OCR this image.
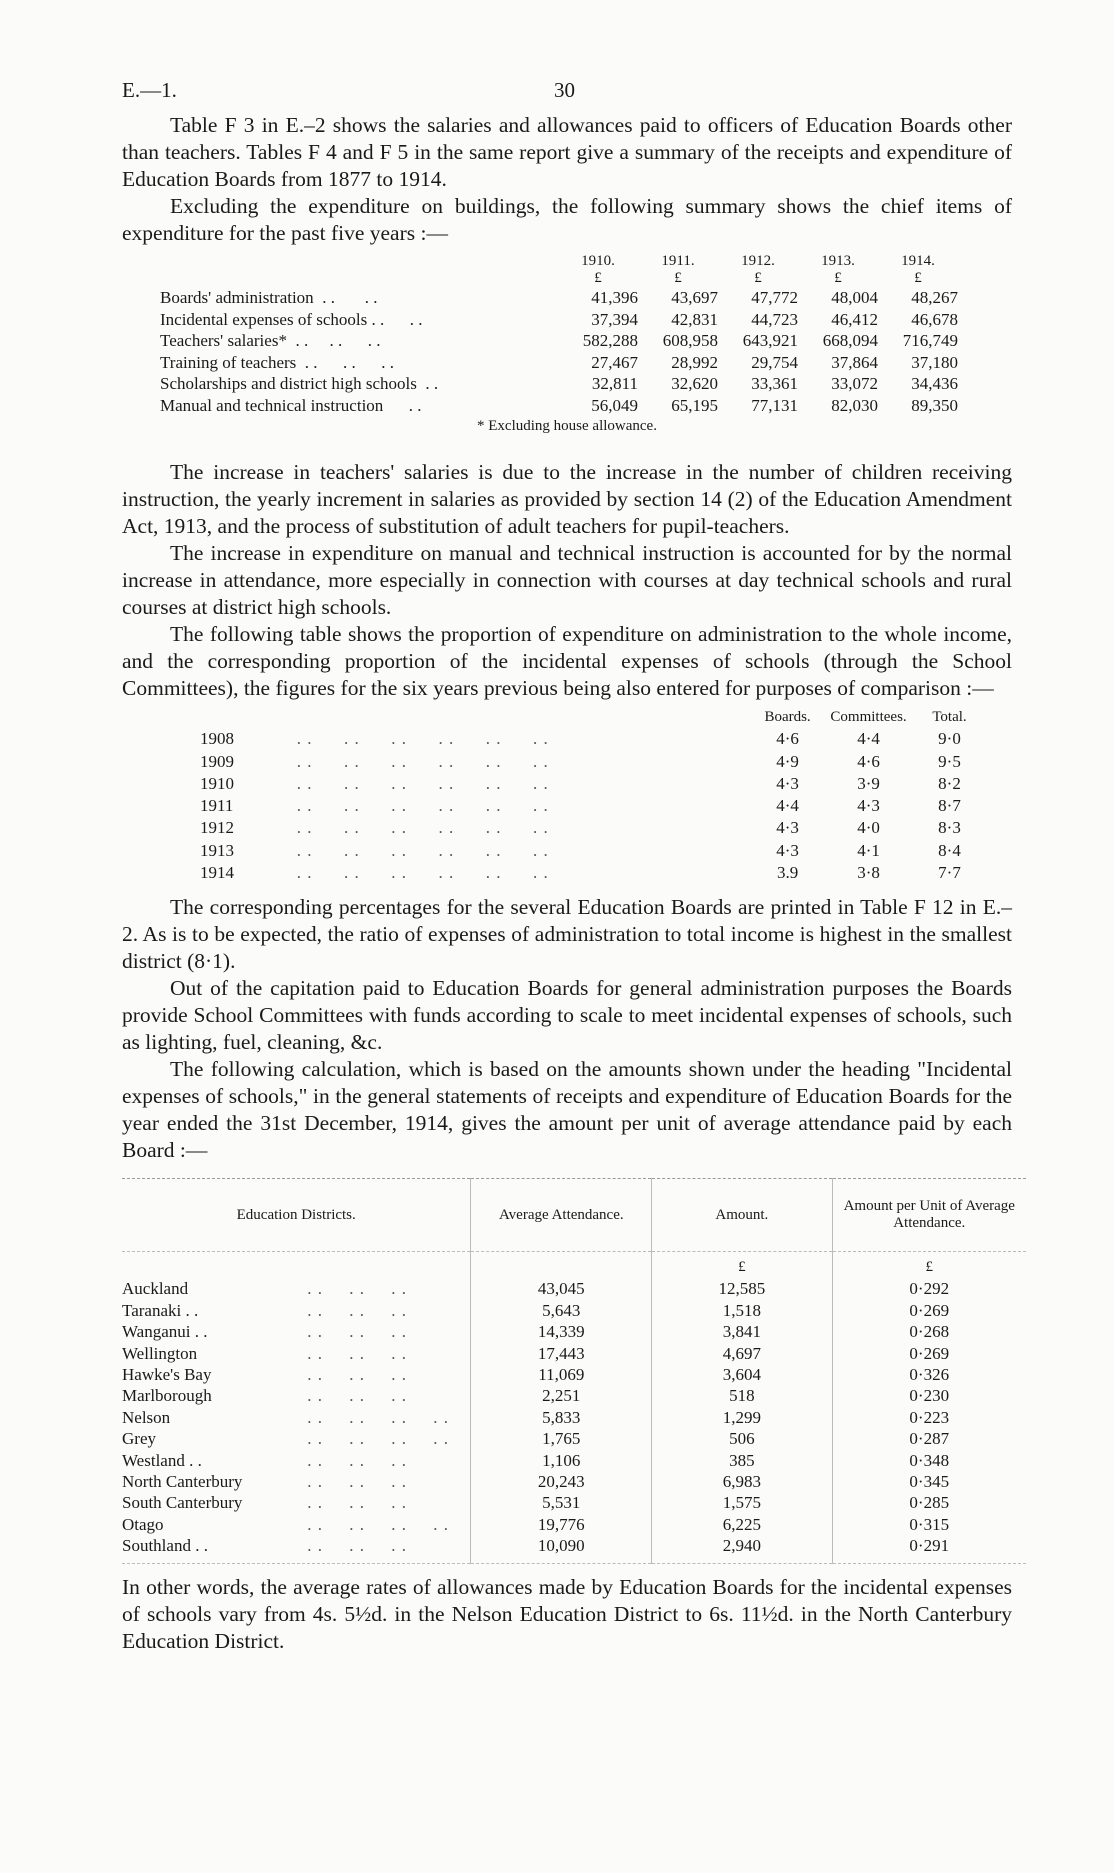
E.—1.	30

Table F 3 in E.–2 shows the salaries and allowances paid to officers of Education Boards other than teachers. Tables F 4 and F 5 in the same report give a summary of the receipts and expenditure of Education Boards from 1877 to 1914.

Excluding the expenditure on buildings, the following summary shows the chief items of expenditure for the past five years :—

1910.	1911.	1912.	1913.	1914.
£	£	£	£	£
Boards' administration  . .       . .	41,396	43,697	47,772	48,004	48,267
Incidental expenses of schools . .      . .	37,394	42,831	44,723	46,412	46,678
Teachers' salaries*  . .     . .      . .	582,288	608,958	643,921	668,094	716,749
Training of teachers  . .      . .      . .	27,467	28,992	29,754	37,864	37,180
Scholarships and district high schools  . .	32,811	32,620	33,361	33,072	34,436
Manual and technical instruction      . .	56,049	65,195	77,131	82,030	89,350
* Excluding house allowance.

The increase in teachers' salaries is due to the increase in the number of children receiving instruction, the yearly increment in salaries as provided by section 14 (2) of the Education Amendment Act, 1913, and the process of substitution of adult teachers for pupil-teachers.

The increase in expenditure on manual and technical instruction is accounted for by the normal increase in attendance, more especially in connection with courses at day technical schools and rural courses at district high schools.

The following table shows the proportion of expenditure on administration to the whole income, and the corresponding proportion of the incidental expenses of schools (through the School Committees), the figures for the six years previous being also entered for purposes of comparison :—

Boards.	Committees.	Total.
1908	. .      . .      . .      . .      . .      . .	4·6	4·4	9·0
1909	. .      . .      . .      . .      . .      . .	4·9	4·6	9·5
1910	. .      . .      . .      . .      . .      . .	4·3	3·9	8·2
1911	. .      . .      . .      . .      . .      . .	4·4	4·3	8·7
1912	. .      . .      . .      . .      . .      . .	4·3	4·0	8·3
1913	. .      . .      . .      . .      . .      . .	4·3	4·1	8·4
1914	. .      . .      . .      . .      . .      . .	3.9	3·8	7·7

The corresponding percentages for the several Education Boards are printed in Table F 12 in E.–2. As is to be expected, the ratio of expenses of administration to total income is highest in the smallest district (8·1).

Out of the capitation paid to Education Boards for general administration purposes the Boards provide School Committees with funds according to scale to meet incidental expenses of schools, such as lighting, fuel, cleaning, &c.

The following calculation, which is based on the amounts shown under the heading "Incidental expenses of schools," in the general statements of receipts and expenditure of Education Boards for the year ended the 31st December, 1914, gives the amount per unit of average attendance paid by each Board :—

Education Districts.	Average Attendance.	Amount.	Amount per Unit of Average Attendance.
		£	£
Auckland . .     . .     . .	43,045	12,585	0·292
Taranaki . . . .     . .     . .	5,643	1,518	0·269
Wanganui . . . .     . .     . .	14,339	3,841	0·268
Wellington . .     . .     . .	17,443	4,697	0·269
Hawke's Bay . .     . .     . .	11,069	3,604	0·326
Marlborough . .     . .     . .	2,251	518	0·230
Nelson . .     . .     . .     . .	5,833	1,299	0·223
Grey . .     . .     . .     . .	1,765	506	0·287
Westland . . . .     . .     . .	1,106	385	0·348
North Canterbury . .     . .     . .	20,243	6,983	0·345
South Canterbury . .     . .     . .	5,531	1,575	0·285
Otago . .     . .     . .     . .	19,776	6,225	0·315
Southland . . . .     . .     . .	10,090	2,940	0·291

In other words, the average rates of allowances made by Education Boards for the incidental expenses of schools vary from 4s. 5½d. in the Nelson Education District to 6s. 11½d. in the North Canterbury Education District.
